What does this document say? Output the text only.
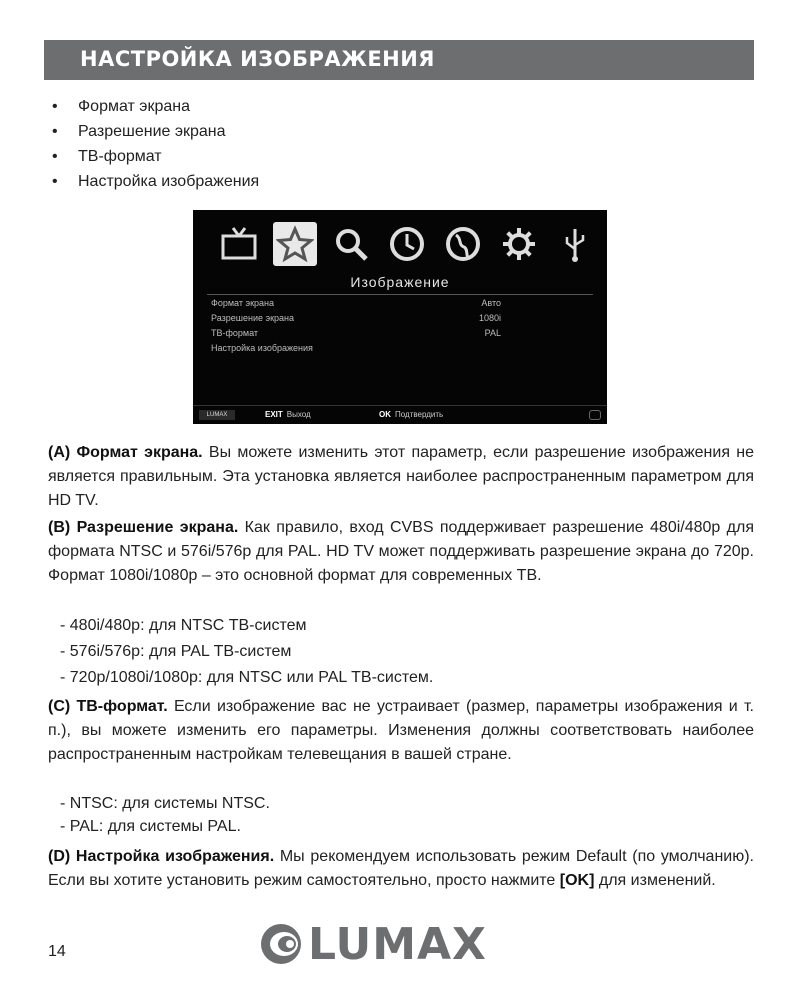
НАСТРОЙКА ИЗОБРАЖЕНИЯ
• Формат экрана
• Разрешение экрана
• ТВ-формат
• Настройка изображения
Изображение
Формат экрана	Авто
Разрешение экрана	1080i
ТВ-формат	PAL
Настройка изображения
LUMAX	EXIT Выход	OK Подтвердить

(A) Формат экрана. Вы можете изменить этот параметр, если разрешение изображения не является правильным. Эта установка является наиболее распространенным параметром для HD TV.

(B) Разрешение экрана. Как правило, вход CVBS поддерживает разрешение 480i/480p для формата NTSC и 576i/576p для PAL. HD TV может поддерживать разрешение экрана до 720p. Формат 1080i/1080p – это основной формат для современных ТВ.

- 480i/480p: для NTSC ТВ-систем

- 576i/576p: для PAL ТВ-систем

- 720p/1080i/1080p: для NTSC или PAL ТВ-систем.

(C) ТВ-формат. Если изображение вас не устраивает (размер, параметры изображения и т. п.), вы можете изменить его параметры. Изменения должны соответствовать наиболее распространенным настройкам телевещания в вашей стране.

- NTSC: для системы NTSC.

- PAL: для системы PAL.

(D) Настройка изображения. Мы рекомендуем использовать режим Default (по умолчанию). Если вы хотите установить режим самостоятельно, просто нажмите [OK] для изменений.

14	LUMAX
